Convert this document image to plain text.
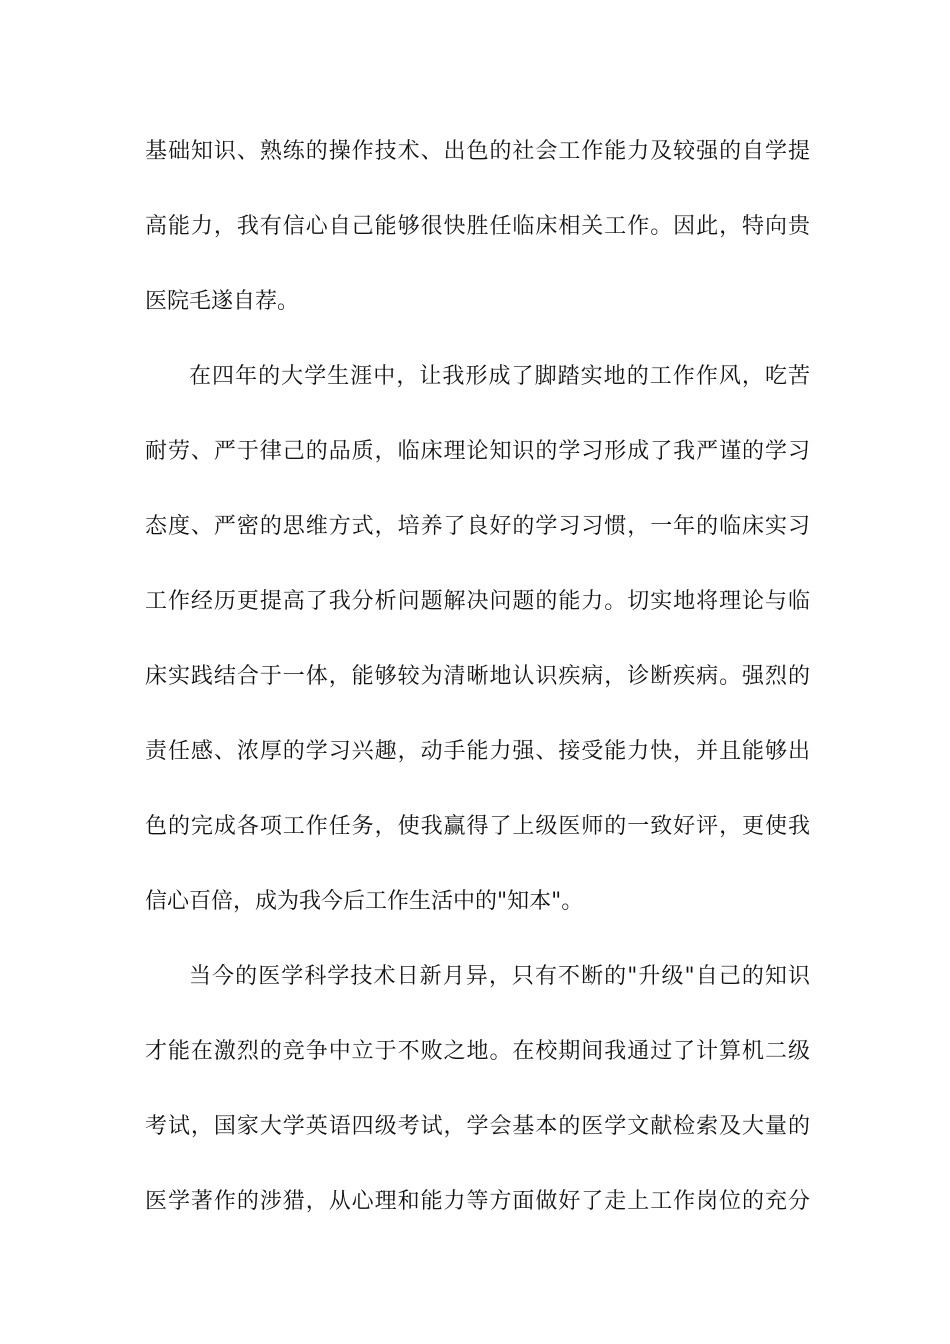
基础知识、熟练的操作技术、出色的社会工作能力及较强的自学提
高能力，我有信心自己能够很快胜任临床相关工作。因此，特向贵
医院毛遂自荐。
在四年的大学生涯中，让我形成了脚踏实地的工作作风，吃苦
耐劳、严于律己的品质，临床理论知识的学习形成了我严谨的学习
态度、严密的思维方式，培养了良好的学习习惯，一年的临床实习
工作经历更提高了我分析问题解决问题的能力。切实地将理论与临
床实践结合于一体，能够较为清晰地认识疾病，诊断疾病。强烈的
责任感、浓厚的学习兴趣，动手能力强、接受能力快，并且能够出
色的完成各项工作任务，使我赢得了上级医师的一致好评，更使我
信心百倍，成为我今后工作生活中的"知本"。
当今的医学科学技术日新月异，只有不断的"升级"自己的知识
才能在激烈的竞争中立于不败之地。在校期间我通过了计算机二级
考试，国家大学英语四级考试，学会基本的医学文献检索及大量的
医学著作的涉猎，从心理和能力等方面做好了走上工作岗位的充分
